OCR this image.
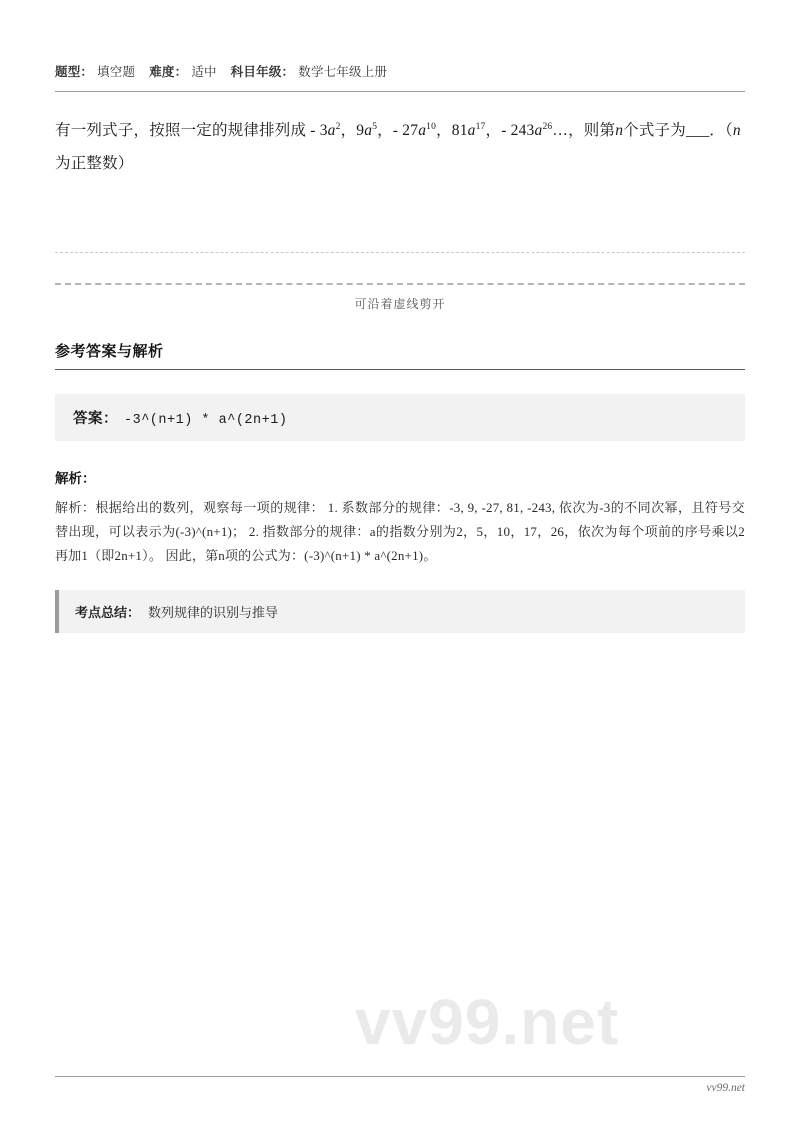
题型： 填空题 难度： 适中 科目年级： 数学七年级上册
有一列式子，按照一定的规律排列成 - $3a^2$，$9a^5$，- $27a^{10}$，$81a^{17}$，- $243a^{26}\dots$，则第n个式子为___．（n为正整数）
可沿着虚线剪开
参考答案与解析
答案： -3^(n+1) * a^(2n+1)
解析：
解析：根据给出的数列，观察每一项的规律： 1. 系数部分的规律：-3, 9, -27, 81, -243, 依次为-3的不同次幂，且符号交替出现，可以表示为(-3)^(n+1)； 2. 指数部分的规律：a的指数分别为2，5，10，17，26，依次为每个项前的序号乘以2再加1（即2n+1）。 因此，第n项的公式为：(-3)^(n+1) * a^(2n+1)。
考点总结： 数列规律的识别与推导
vv99.net
vv99.net
